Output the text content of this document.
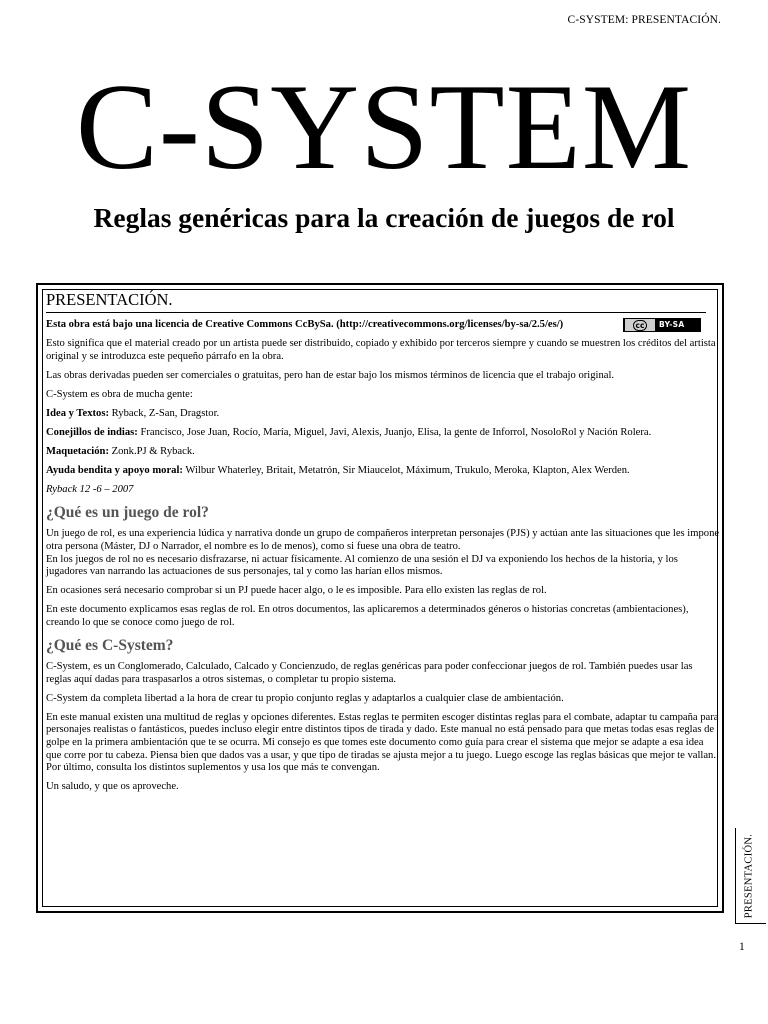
C-SYSTEM: PRESENTACIÓN.
C-SYSTEM
Reglas genéricas para la creación de juegos de rol
PRESENTACIÓN.

Esta obra está bajo una licencia de Creative Commons CcBySa. (http://creativecommons.org/licenses/by-sa/2.5/es/)	cc	BY-SA

Esto significa que el material creado por un artista puede ser distribuido, copiado y exhibido por terceros siempre y cuando se muestren los créditos del artista original y se introduzca este pequeño párrafo en la obra.

Las obras derivadas pueden ser comerciales o gratuitas, pero han de estar bajo los mismos términos de licencia que el trabajo original.

C-System es obra de mucha gente:

Idea y Textos: Ryback, Z-San, Dragstor.

Conejillos de indias: Francisco, Jose Juan, Rocío, María, Miguel, Javi, Alexis, Juanjo, Elisa, la gente de Inforrol, NosoloRol y Nación Rolera.

Maquetación: Zonk.PJ & Ryback.

Ayuda bendita y apoyo moral: Wilbur Whaterley, Britait, Metatrón, Sir Miaucelot, Máximum, Trukulo, Meroka, Klapton, Alex Werden.

Ryback 12 -6 – 2007

¿Qué es un juego de rol?

Un juego de rol, es una experiencia lúdica y narrativa donde un grupo de compañeros interpretan personajes (PJS) y actúan ante las situaciones que les impone otra persona (Máster, DJ o Narrador, el nombre es lo de menos), como si fuese una obra de teatro.
En los juegos de rol no es necesario disfrazarse, ni actuar físicamente. Al comienzo de una sesión el DJ va exponiendo los hechos de la historia, y los jugadores van narrando las actuaciones de sus personajes, tal y como las harían ellos mismos.

En ocasiones será necesario comprobar si un PJ puede hacer algo, o le es imposible. Para ello existen las reglas de rol.

En este documento explicamos esas reglas de rol. En otros documentos, las aplicaremos a determinados géneros o historias concretas (ambientaciones), creando lo que se conoce como juego de rol.

¿Qué es C-System?

C-System, es un Conglomerado, Calculado, Calcado y Concienzudo, de reglas genéricas para poder confeccionar juegos de rol. También puedes usar las reglas aquí dadas para traspasarlos a otros sistemas, o completar tu propio sistema.

C-System da completa libertad a la hora de crear tu propio conjunto reglas y adaptarlos a cualquier clase de ambientación.

En este manual existen una multitud de reglas y opciones diferentes. Estas reglas te permiten escoger distintas reglas para el combate, adaptar tu campaña para personajes realistas o fantásticos, puedes incluso elegir entre distintos tipos de tirada y dado. Este manual no está pensado para que metas todas esas reglas de golpe en la primera ambientación que te se ocurra. Mi consejo es que tomes este documento como guía para crear el sistema que mejor se adapte a esa idea que corre por tu cabeza. Piensa bien que dados vas a usar, y que tipo de tiradas se ajusta mejor a tu juego. Luego escoge las reglas básicas que mejor te vallan. Por último, consulta los distintos suplementos y usa los que más te convengan.

Un saludo, y que os aproveche.

PRESENTACIÓN.
1
